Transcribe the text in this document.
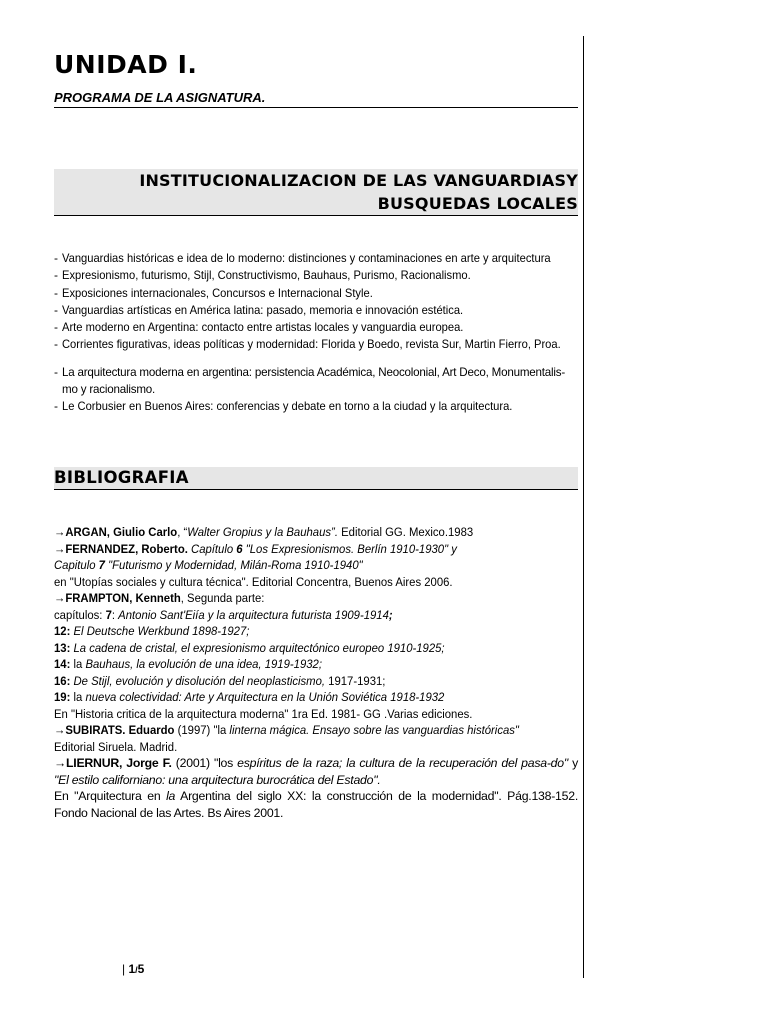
UNIDAD I.
PROGRAMA DE LA ASIGNATURA.
INSTITUCIONALIZACION DE LAS VANGUARDIASY
BUSQUEDAS LOCALES
- Vanguardias históricas e idea de lo moderno: distinciones y contaminaciones en arte y arquitectura
- Expresionismo, futurismo, Stijl, Constructivismo, Bauhaus, Purismo, Racionalismo.
- Exposiciones internacionales, Concursos e Internacional Style.
- Vanguardias artísticas en América latina: pasado, memoria e innovación estética.
- Arte moderno en Argentina: contacto entre artistas locales y vanguardia europea.
- Corrientes figurativas, ideas políticas y modernidad: Florida y Boedo, revista Sur, Martin Fierro, Proa.
- La arquitectura moderna en argentina: persistencia Académica, Neocolonial, Art Deco, Monumentalis-mo y racionalismo.
- Le Corbusier en Buenos Aires: conferencias y debate en torno a la ciudad y la arquitectura.
BIBLIOGRAFIA
→ARGAN, Giulio Carlo, “Walter Gropius y la Bauhaus”. Editorial GG. Mexico.1983
→FERNANDEZ, Roberto. Capítulo 6 "Los Expresionismos. Berlín 1910-1930" y
Capitulo 7 "Futurismo y Modernidad, Milán-Roma 1910-1940"
en "Utopías sociales y cultura técnica". Editorial Concentra, Buenos Aires 2006.
→FRAMPTON, Kenneth, Segunda parte:
capítulos: 7: Antonio Sant'Eiía y la arquitectura futurista 1909-1914;
12: El Deutsche Werkbund 1898-1927;
13: La cadena de cristal, el expresionismo arquitectónico europeo 1910-1925;
14: la Bauhaus, la evolución de una idea, 1919-1932;
16: De Stijl, evolución y disolución del neoplasticismo, 1917-1931;
19: la nueva colectividad: Arte y Arquitectura en la Unión Soviética 1918-1932
En "Historia critica de la arquitectura moderna" 1ra Ed. 1981- GG .Varias ediciones.
→SUBIRATS. Eduardo (1997) "la linterna mágica. Ensayo sobre las vanguardias históricas"
Editorial Siruela. Madrid.
→LIERNUR, Jorge F. (2001) "los espíritus de la raza; la cultura de la recuperación del pasa-do" y "El estilo californiano: una arquitectura burocrática del Estado".
En "Arquitectura en la Argentina del siglo XX: la construcción de la modernidad". Pág.138-152. Fondo Nacional de las Artes. Bs Aires 2001.
| 1/5
